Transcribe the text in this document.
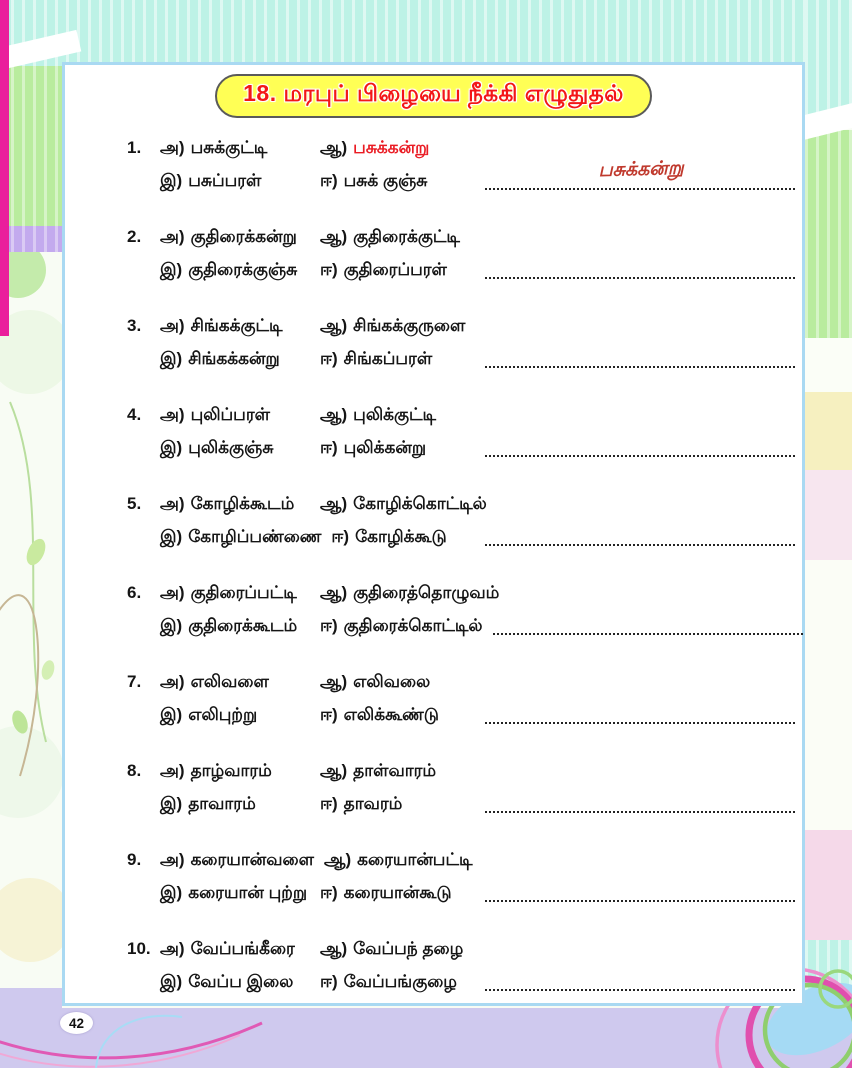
18. மரபுப் பிழையை நீக்கி எழுதுதல்
1.	அ) பசுக்குட்டி	ஆ) பசுக்கன்று
இ) பசுப்பரள்	ஈ) பசுக் குஞ்சு	பசுக்கன்று
2.	அ) குதிரைக்கன்று	ஆ) குதிரைக்குட்டி
இ) குதிரைக்குஞ்சு	ஈ) குதிரைப்பரள்
3.	அ) சிங்கக்குட்டி	ஆ) சிங்கக்குருளை
இ) சிங்கக்கன்று	ஈ) சிங்கப்பரள்
4.	அ) புலிப்பரள்	ஆ) புலிக்குட்டி
இ) புலிக்குஞ்சு	ஈ) புலிக்கன்று
5.	அ) கோழிக்கூடம்	ஆ) கோழிக்கொட்டில்
இ) கோழிப்பண்ணை ஈ) கோழிக்கூடு
6.	அ) குதிரைப்பட்டி	ஆ) குதிரைத்தொழுவம்
இ) குதிரைக்கூடம்	ஈ) குதிரைக்கொட்டில்
7.	அ) எலிவளை	ஆ) எலிவலை
இ) எலிபுற்று	ஈ) எலிக்கூண்டு
8.	அ) தாழ்வாரம்	ஆ) தாள்வாரம்
இ) தாவாரம்	ஈ) தாவரம்
9.	அ) கரையான்வளை ஆ) கரையான்பட்டி
இ) கரையான் புற்று ஈ) கரையான்கூடு
10. அ) வேப்பங்கீரை	ஆ) வேப்பந் தழை
இ) வேப்ப இலை	ஈ) வேப்பங்குழை
42
